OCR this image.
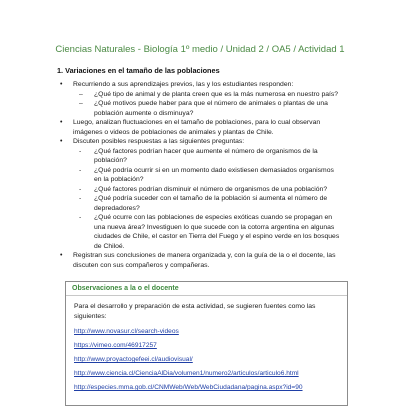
Ciencias Naturales - Biología 1º medio / Unidad 2 / OA5 / Actividad 1
1. Variaciones en el tamaño de las poblaciones
• Recurriendo a sus aprendizajes previos, las y los estudiantes responden:
– ¿Qué tipo de animal y de planta creen que es la más numerosa en nuestro país?
– ¿Qué motivos puede haber para que el número de animales o plantas de una población aumente o disminuya?
• Luego, analizan fluctuaciones en el tamaño de poblaciones, para lo cual observan imágenes o videos de poblaciones de animales y plantas de Chile.
• Discuten posibles respuestas a las siguientes preguntas:
- ¿Qué factores podrían hacer que aumente el número de organismos de la población?
- ¿Qué podría ocurrir si en un momento dado existiesen demasiados organismos en la población?
- ¿Qué factores podrían disminuir el número de organismos de una población?
- ¿Qué podría suceder con el tamaño de la población si aumenta el número de depredadores?
- ¿Qué ocurre con las poblaciones de especies exóticas cuando se propagan en una nueva área? Investiguen lo que sucede con la cotorra argentina en algunas ciudades de Chile, el castor en Tierra del Fuego y el espino verde en los bosques de Chiloé.
• Registran sus conclusiones de manera organizada y, con la guía de la o el docente, las discuten con sus compañeros y compañeras.
Observaciones a la o el docente
Para el desarrollo y preparación de esta actividad, se sugieren fuentes como las siguientes:
http://www.novasur.cl/search-videos
https://vimeo.com/46917257
http://www.proyactogefeei.cl/audiovisual/
http://www.ciencia.cl/CienciaAlDia/volumen1/numero2/articulos/articulo6.html
http://especies.mma.gob.cl/CNMWeb/Web/WebCiudadana/pagina.aspx?id=90
